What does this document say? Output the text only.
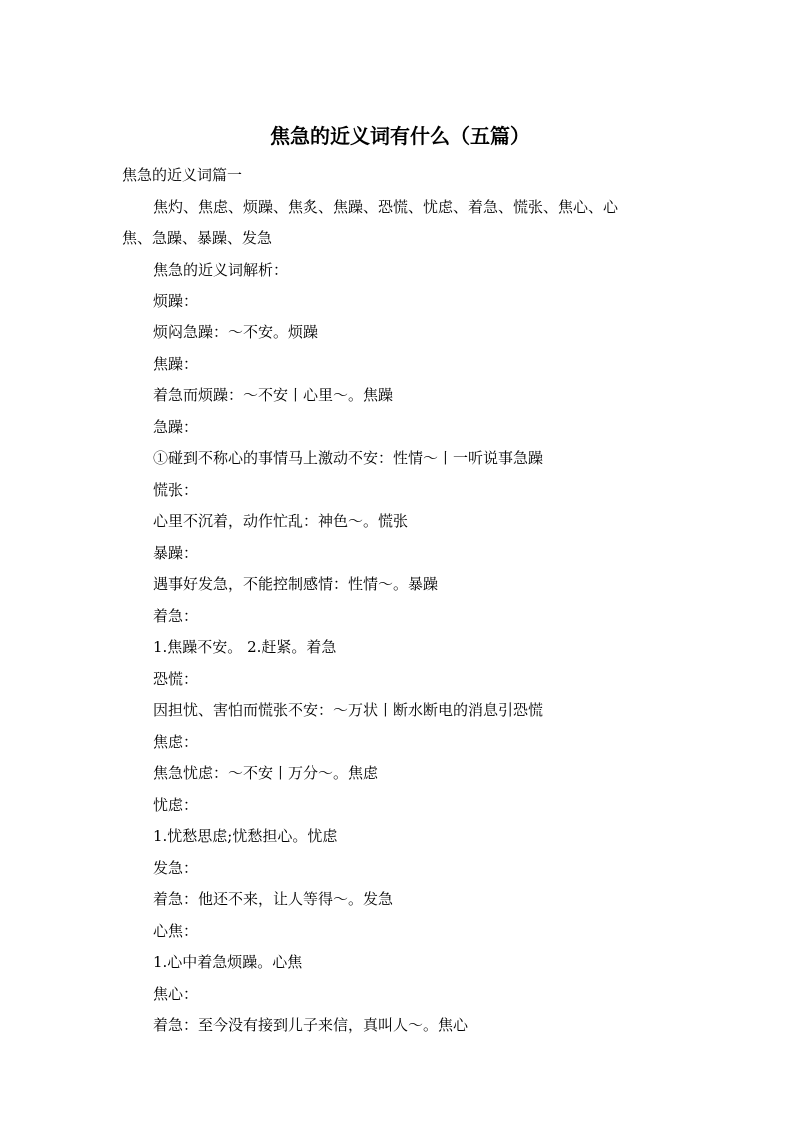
焦急的近义词有什么（五篇）
焦急的近义词篇一
焦灼、焦虑、烦躁、焦炙、焦躁、恐慌、忧虑、着急、慌张、焦心、心
焦、急躁、暴躁、发急
焦急的近义词解析：
烦躁：
烦闷急躁：～不安。烦躁
焦躁：
着急而烦躁：～不安丨心里～。焦躁
急躁：
①碰到不称心的事情马上激动不安：性情～丨一听说事急躁
慌张：
心里不沉着，动作忙乱：神色～。慌张
暴躁：
遇事好发急，不能控制感情：性情～。暴躁
着急：
1.焦躁不安。 2.赶紧。着急
恐慌：
因担忧、害怕而慌张不安：～万状丨断水断电的消息引恐慌
焦虑：
焦急忧虑：～不安丨万分～。焦虑
忧虑：
1.忧愁思虑;忧愁担心。忧虑
发急：
着急：他还不来，让人等得～。发急
心焦：
1.心中着急烦躁。心焦
焦心：
着急：至今没有接到儿子来信，真叫人～。焦心
